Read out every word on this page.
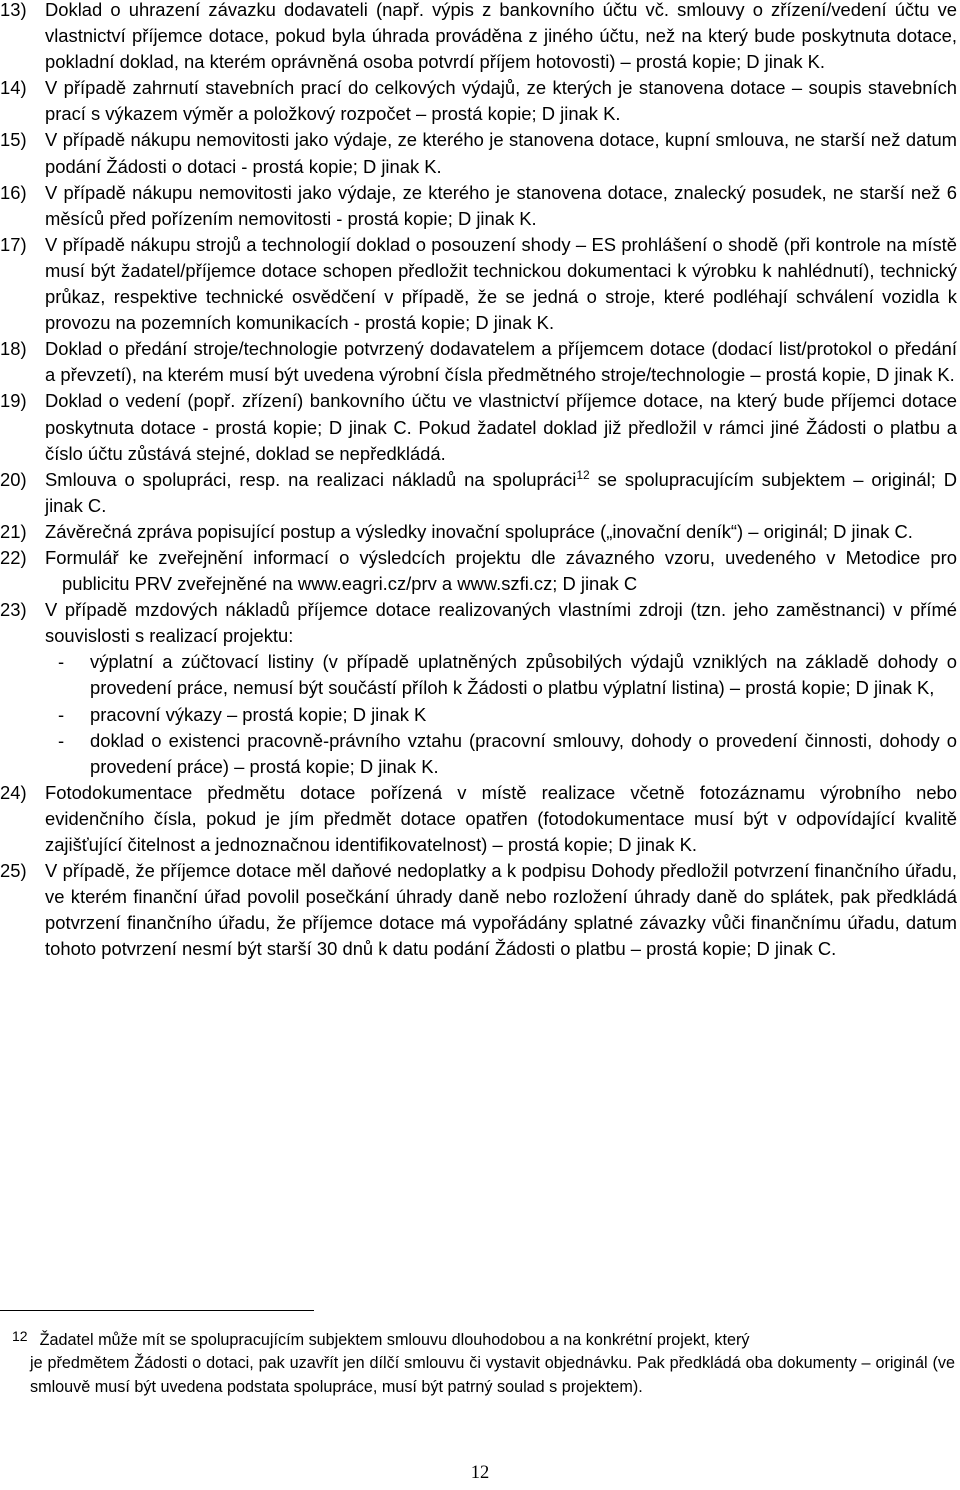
13) Doklad o uhrazení závazku dodavateli (např. výpis z bankovního účtu vč. smlouvy o zřízení/vedení účtu ve vlastnictví příjemce dotace, pokud byla úhrada prováděna z jiného účtu, než na který bude poskytnuta dotace, pokladní doklad, na kterém oprávněná osoba potvrdí příjem hotovosti) – prostá kopie; D jinak K.
14) V případě zahrnutí stavebních prací do celkových výdajů, ze kterých je stanovena dotace – soupis stavebních prací s výkazem výměr a položkový rozpočet – prostá kopie; D jinak K.
15) V případě nákupu nemovitosti jako výdaje, ze kterého je stanovena dotace, kupní smlouva, ne starší než datum podání Žádosti o dotaci - prostá kopie; D jinak K.
16) V případě nákupu nemovitosti jako výdaje, ze kterého je stanovena dotace, znalecký posudek, ne starší než 6 měsíců před pořízením nemovitosti - prostá kopie; D jinak K.
17) V případě nákupu strojů a technologií doklad o posouzení shody – ES prohlášení o shodě (při kontrole na místě musí být žadatel/příjemce dotace schopen předložit technickou dokumentaci k výrobku k nahlédnutí), technický průkaz, respektive technické osvědčení v případě, že se jedná o stroje, které podléhají schválení vozidla k provozu na pozemních komunikacích - prostá kopie; D jinak K.
18) Doklad o předání stroje/technologie potvrzený dodavatelem a příjemcem dotace (dodací list/protokol o předání a převzetí), na kterém musí být uvedena výrobní čísla předmětného stroje/technologie – prostá kopie, D jinak K.
19) Doklad o vedení (popř. zřízení) bankovního účtu ve vlastnictví příjemce dotace, na který bude příjemci dotace poskytnuta dotace - prostá kopie; D jinak C. Pokud žadatel doklad již předložil v rámci jiné Žádosti o platbu a číslo účtu zůstává stejné, doklad se nepředkládá.
20) Smlouva o spolupráci, resp. na realizaci nákladů na spolupráci$^{12}$ se spolupracujícím subjektem – originál; D jinak C.
21) Závěrečná zpráva popisující postup a výsledky inovační spolupráce („inovační deník“) – originál; D jinak C.
22) Formulář ke zveřejnění informací o výsledcích projektu dle závazného vzoru, uvedeného v Metodice pro publicitu PRV zveřejněné na www.eagri.cz/prv a www.szfi.cz; D jinak C
23) V případě mzdových nákladů příjemce dotace realizovaných vlastními zdroji (tzn. jeho zaměstnanci) v přímé souvislosti s realizací projektu:
- výplatní a zúčtovací listiny (v případě uplatněných způsobilých výdajů vzniklých na základě dohody o provedení práce, nemusí být součástí příloh k Žádosti o platbu výplatní listina) – prostá kopie; D jinak K,
- pracovní výkazy – prostá kopie; D jinak K
- doklad o existenci pracovně-právního vztahu (pracovní smlouvy, dohody o provedení činnosti, dohody o provedení práce) – prostá kopie; D jinak K.
24) Fotodokumentace předmětu dotace pořízená v místě realizace včetně fotozáznamu výrobního nebo evidenčního čísla, pokud je jím předmět dotace opatřen (fotodokumentace musí být v odpovídající kvalitě zajišťující čitelnost a jednoznačnou identifikovatelnost) – prostá kopie; D jinak K.
25) V případě, že příjemce dotace měl daňové nedoplatky a k podpisu Dohody předložil potvrzení finančního úřadu, ve kterém finanční úřad povolil posečkání úhrady daně nebo rozložení úhrady daně do splátek, pak předkládá potvrzení finančního úřadu, že příjemce dotace má vypořádány splatné závazky vůči finančnímu úřadu, datum tohoto potvrzení nesmí být starší 30 dnů k datu podání Žádosti o platbu – prostá kopie; D jinak C.
12 Žadatel může mít se spolupracujícím subjektem smlouvu dlouhodobou a na konkrétní projekt, který
je předmětem Žádosti o dotaci, pak uzavřít jen dílčí smlouvu či vystavit objednávku. Pak předkládá oba dokumenty – originál (ve smlouvě musí být uvedena podstata spolupráce, musí být patrný soulad s projektem).
12
